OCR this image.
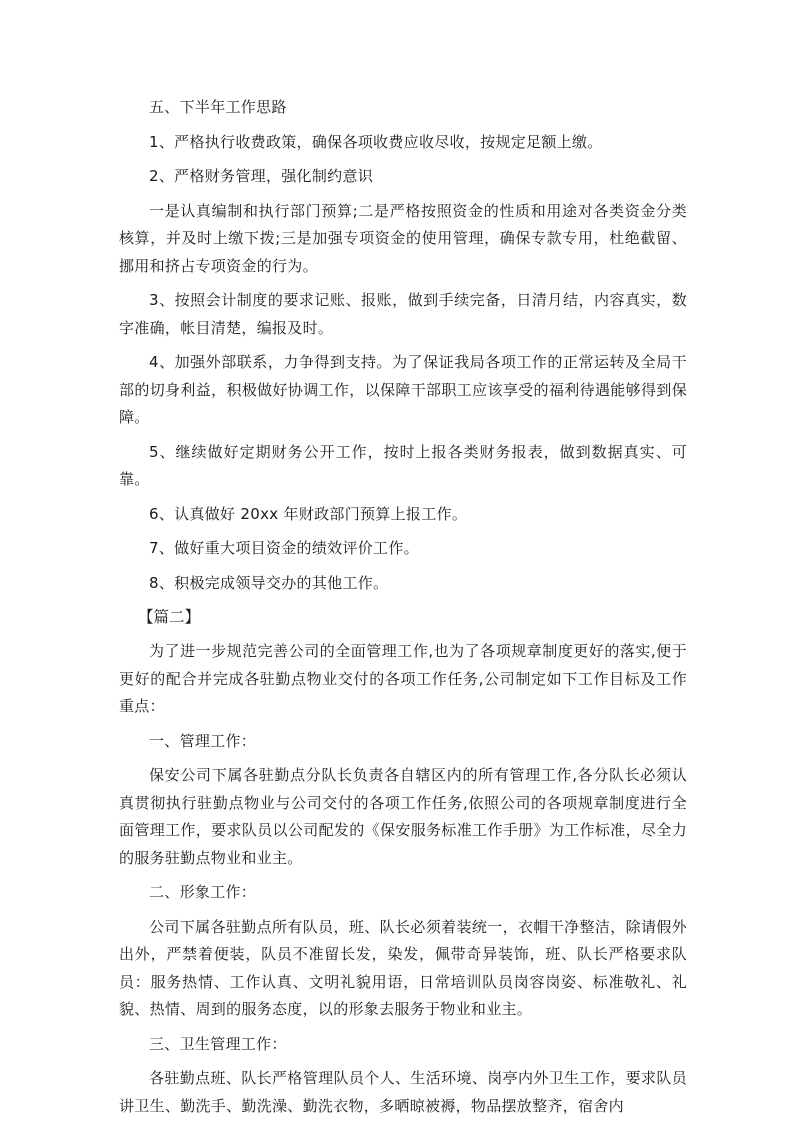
五、下半年工作思路

1、严格执行收费政策，确保各项收费应收尽收，按规定足额上缴。

2、严格财务管理，强化制约意识

一是认真编制和执行部门预算;二是严格按照资金的性质和用途对各类资金分类核算，并及时上缴下拨;三是加强专项资金的使用管理，确保专款专用，杜绝截留、挪用和挤占专项资金的行为。

3、按照会计制度的要求记账、报账，做到手续完备，日清月结，内容真实，数字准确，帐目清楚，编报及时。

4、加强外部联系，力争得到支持。为了保证我局各项工作的正常运转及全局干部的切身利益，积极做好协调工作，以保障干部职工应该享受的福利待遇能够得到保障。

5、继续做好定期财务公开工作，按时上报各类财务报表，做到数据真实、可靠。

6、认真做好 20xx 年财政部门预算上报工作。

7、做好重大项目资金的绩效评价工作。

8、积极完成领导交办的其他工作。

【篇二】

为了进一步规范完善公司的全面管理工作,也为了各项规章制度更好的落实,便于更好的配合并完成各驻勤点物业交付的各项工作任务,公司制定如下工作目标及工作重点：

一、管理工作：

保安公司下属各驻勤点分队长负责各自辖区内的所有管理工作,各分队长必须认真贯彻执行驻勤点物业与公司交付的各项工作任务,依照公司的各项规章制度进行全面管理工作，要求队员以公司配发的《保安服务标准工作手册》为工作标准，尽全力的服务驻勤点物业和业主。

二、形象工作：

公司下属各驻勤点所有队员，班、队长必须着装统一，衣帽干净整洁，除请假外出外，严禁着便装，队员不准留长发，染发，佩带奇异装饰，班、队长严格要求队员：服务热情、工作认真、文明礼貌用语，日常培训队员岗容岗姿、标准敬礼、礼貌、热情、周到的服务态度，以的形象去服务于物业和业主。

三、卫生管理工作：

各驻勤点班、队长严格管理队员个人、生活环境、岗亭内外卫生工作，要求队员讲卫生、勤洗手、勤洗澡、勤洗衣物，多晒晾被褥，物品摆放整齐，宿舍内
